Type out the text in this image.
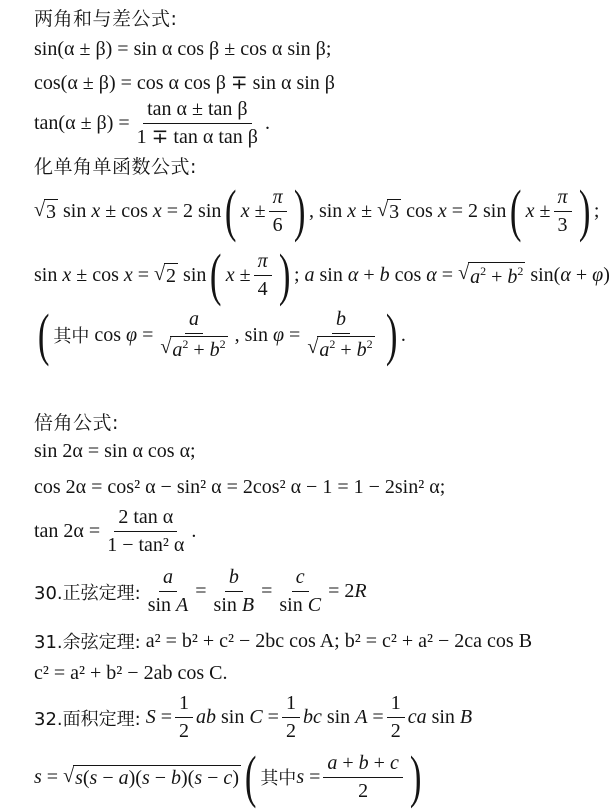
两角和与差公式:
sin(α ± β) = sin α cos β ± cos α sin β;
cos(α ± β) = cos α cos β ∓ sin α sin β
$\tan(\alpha \pm \beta) = \frac{\text{tan α ± tan β}}{\text{1 ∓ tan α tan β}}$ .
化单角单函数公式:
√ 3 sin x ± cos x = 2 sin ( $x \pm \frac{\pi}{6}$ ) , sin x ± √ 3 cos x = 2 sin ( $x \pm \frac{\pi}{3}$ ) ;
sin x ± cos x = √ 2 sin ( $x \pm \frac{\pi}{4}$ ) ; a sin α + b cos α = √ $a^2 + b^2$ sin(α + φ)
( 其中 $\cos \varphi = \frac{a}{√ a^2 + b^2}$ , $\sin \varphi = \frac{b}{√ a^2 + b^2}$ ) .
倍角公式:
sin 2α = sin α cos α;
cos 2α = cos² α − sin² α = 2cos² α − 1 = 1 − 2sin² α;
$\tan 2\alpha = \frac{\text{2 tan α}}{\text{1 − tan² α}}$ .
30.正弦定理: $\frac{a}{\text{sin A}} = \frac{b}{\text{sin B}} = \frac{c}{\text{sin C}} = 2R$
31.余弦定理:
a² = b² + c² − 2bc cos A; b² = c² + a² − 2ca cos B
c² = a² + b² − 2ab cos C.
32.面积定理: $S = \frac{1}{2}$ ab $\sin C = \frac{1}{2}$ bc $\sin A = \frac{1}{2}$ ca sin B
s = √ s(s − a)(s − b)(s − c) ( 其中 $s = \frac{a + b + c}{2}$ )
